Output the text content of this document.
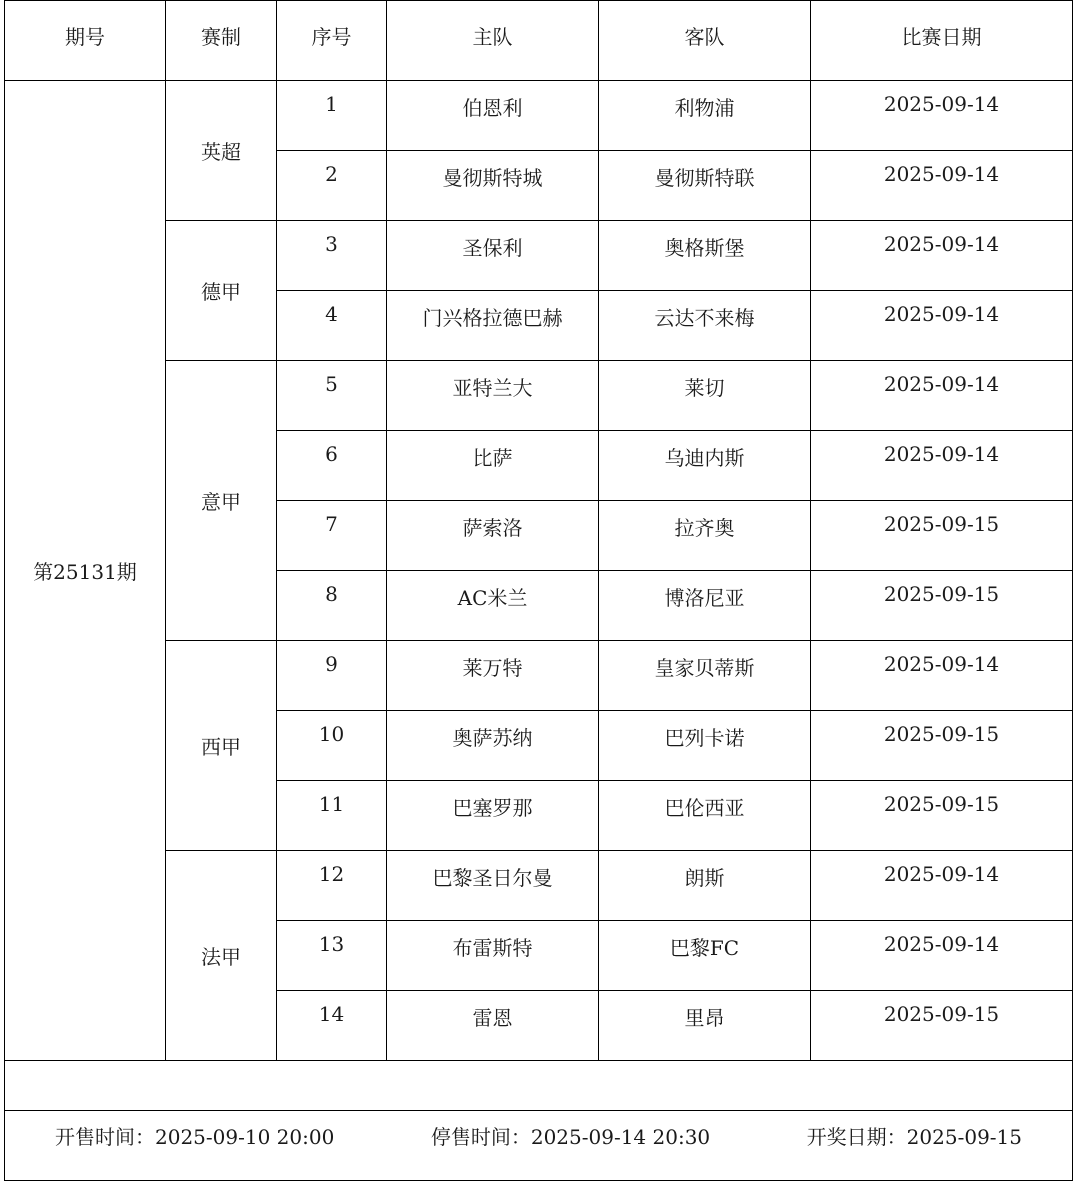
期号	赛制	序号	主队	客队	比赛日期
第25131期	英超	1	伯恩利	利物浦	2025-09-14
		2	曼彻斯特城	曼彻斯特联	2025-09-14
	德甲	3	圣保利	奥格斯堡	2025-09-14
		4	门兴格拉德巴赫	云达不来梅	2025-09-14
	意甲	5	亚特兰大	莱切	2025-09-14
		6	比萨	乌迪内斯	2025-09-14
		7	萨索洛	拉齐奥	2025-09-15
		8	AC米兰	博洛尼亚	2025-09-15
	西甲	9	莱万特	皇家贝蒂斯	2025-09-14
		10	奥萨苏纳	巴列卡诺	2025-09-15
		11	巴塞罗那	巴伦西亚	2025-09-15
	法甲	12	巴黎圣日尔曼	朗斯	2025-09-14
		13	布雷斯特	巴黎FC	2025-09-14
		14	雷恩	里昂	2025-09-15

开售时间：2025-09-10 20:00 停售时间：2025-09-14 20:30 开奖日期：2025-09-15					
